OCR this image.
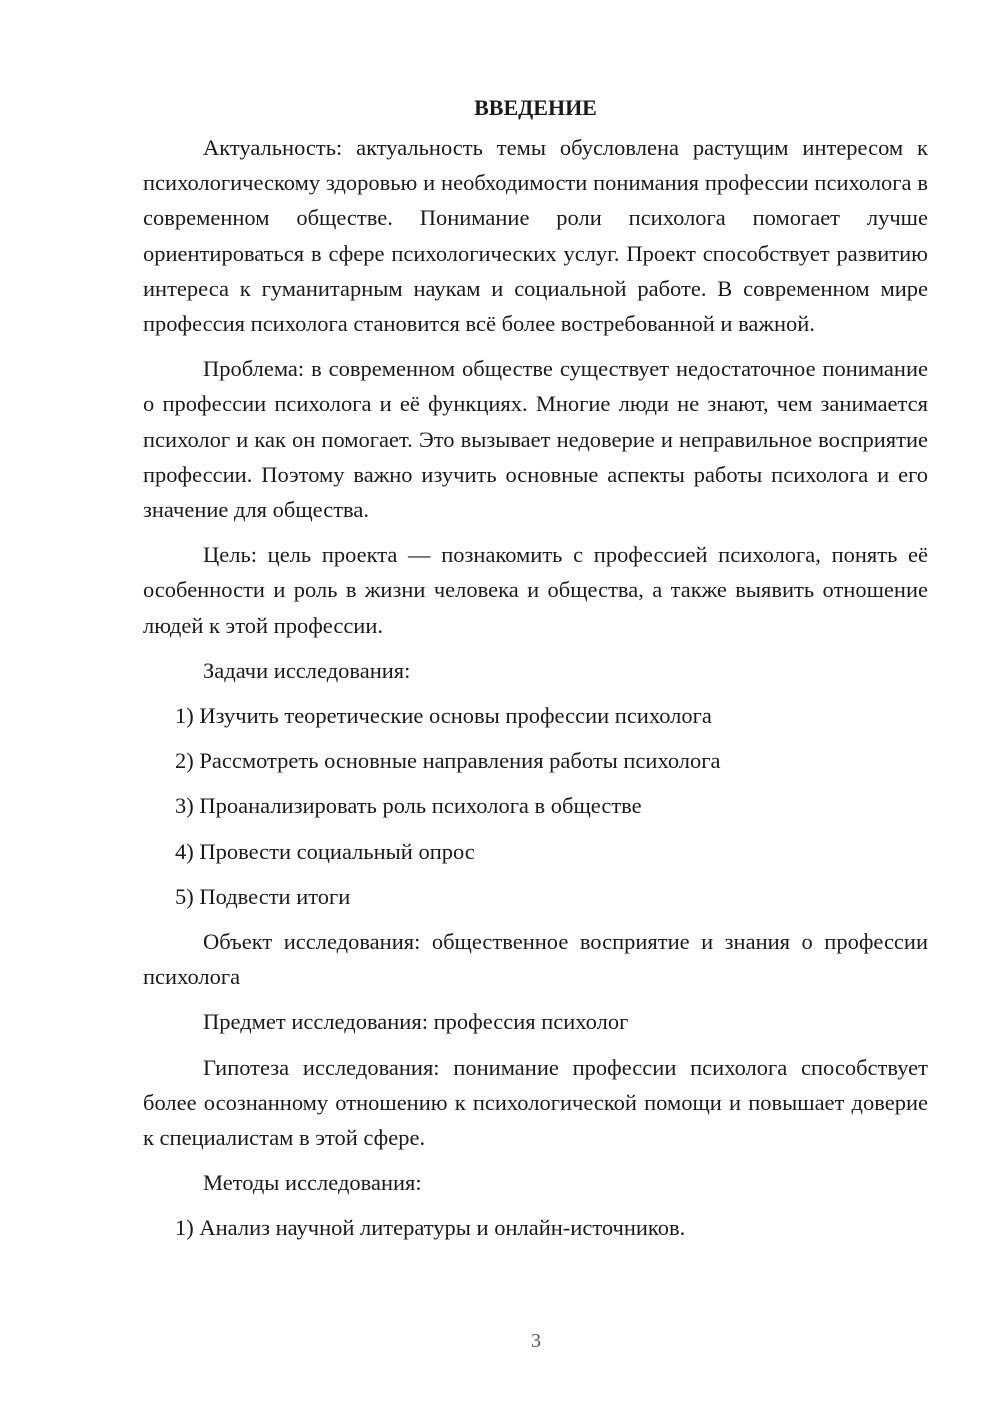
ВВЕДЕНИЕ

Актуальность: актуальность темы обусловлена растущим интересом к психологическому здоровью и необходимости понимания профессии психолога в современном обществе. Понимание роли психолога помогает лучше ориентироваться в сфере психологических услуг. Проект способствует развитию интереса к гуманитарным наукам и социальной работе. В современном мире профессия психолога становится всё более востребованной и важной.

Проблема: в современном обществе существует недостаточное понимание о профессии психолога и её функциях. Многие люди не знают, чем занимается психолог и как он помогает. Это вызывает недоверие и неправильное восприятие профессии. Поэтому важно изучить основные аспекты работы психолога и его значение для общества.

Цель: цель проекта — познакомить с профессией психолога, понять её особенности и роль в жизни человека и общества, а также выявить отношение людей к этой профессии.

Задачи исследования:

1) Изучить теоретические основы профессии психолога

2) Рассмотреть основные направления работы психолога

3) Проанализировать роль психолога в обществе

4) Провести социальный опрос

5) Подвести итоги

Объект исследования: общественное восприятие и знания о профессии психолога

Предмет исследования: профессия психолог

Гипотеза исследования: понимание профессии психолога способствует более осознанному отношению к психологической помощи и повышает доверие к специалистам в этой сфере.

Методы исследования:

1) Анализ научной литературы и онлайн-источников.

3
